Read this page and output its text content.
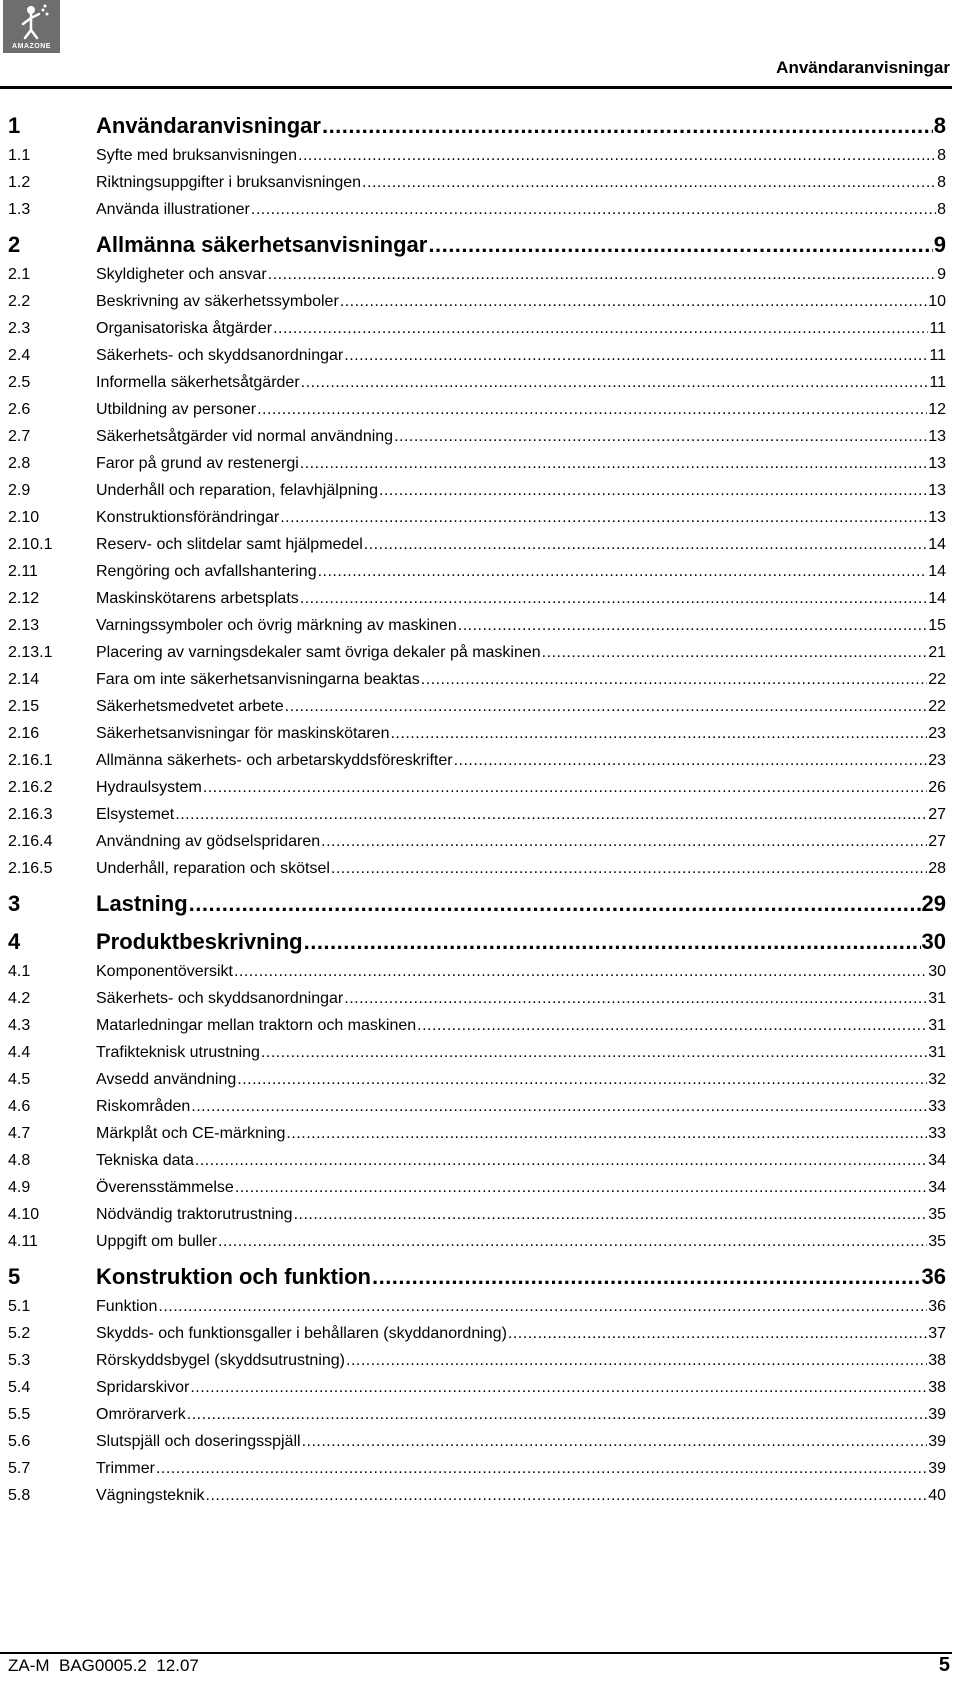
AMAZONE
Användaranvisningar
1	Användaranvisningar .....	8
1.1	Syfte med bruksanvisningen .....	8
1.2	Riktningsuppgifter i bruksanvisningen .....	8
1.3	Använda illustrationer .....	8
2	Allmänna säkerhetsanvisningar .....	9
2.1	Skyldigheter och ansvar .....	9
2.2	Beskrivning av säkerhetssymboler .....	10
2.3	Organisatoriska åtgärder .....	11
2.4	Säkerhets- och skyddsanordningar .....	11
2.5	Informella säkerhetsåtgärder .....	11
2.6	Utbildning av personer .....	12
2.7	Säkerhetsåtgärder vid normal användning .....	13
2.8	Faror på grund av restenergi .....	13
2.9	Underhåll och reparation, felavhjälpning .....	13
2.10	Konstruktionsförändringar .....	13
2.10.1	Reserv- och slitdelar samt hjälpmedel .....	14
2.11	Rengöring och avfallshantering .....	14
2.12	Maskinskötarens arbetsplats .....	14
2.13	Varningssymboler och övrig märkning av maskinen .....	15
2.13.1	Placering av varningsdekaler samt övriga dekaler på maskinen .....	21
2.14	Fara om inte säkerhetsanvisningarna beaktas .....	22
2.15	Säkerhetsmedvetet arbete .....	22
2.16	Säkerhetsanvisningar för maskinskötaren .....	23
2.16.1	Allmänna säkerhets- och arbetarskyddsföreskrifter .....	23
2.16.2	Hydraulsystem .....	26
2.16.3	Elsystemet .....	27
2.16.4	Användning av gödselspridaren .....	27
2.16.5	Underhåll, reparation och skötsel .....	28
3	Lastning .....	29
4	Produktbeskrivning .....	30
4.1	Komponentöversikt .....	30
4.2	Säkerhets- och skyddsanordningar .....	31
4.3	Matarledningar mellan traktorn och maskinen .....	31
4.4	Trafikteknisk utrustning .....	31
4.5	Avsedd användning .....	32
4.6	Riskområden .....	33
4.7	Märkplåt och CE-märkning .....	33
4.8	Tekniska data .....	34
4.9	Överensstämmelse .....	34
4.10	Nödvändig traktorutrustning .....	35
4.11	Uppgift om buller .....	35
5	Konstruktion och funktion .....	36
5.1	Funktion .....	36
5.2	Skydds- och funktionsgaller i behållaren (skyddanordning) .....	37
5.3	Rörskyddsbygel (skyddsutrustning) .....	38
5.4	Spridarskivor .....	38
5.5	Omrörarverk .....	39
5.6	Slutspjäll och doseringsspjäll .....	39
5.7	Trimmer .....	39
5.8	Vägningsteknik .....	40
ZA-M  BAG0005.2  12.07	5
